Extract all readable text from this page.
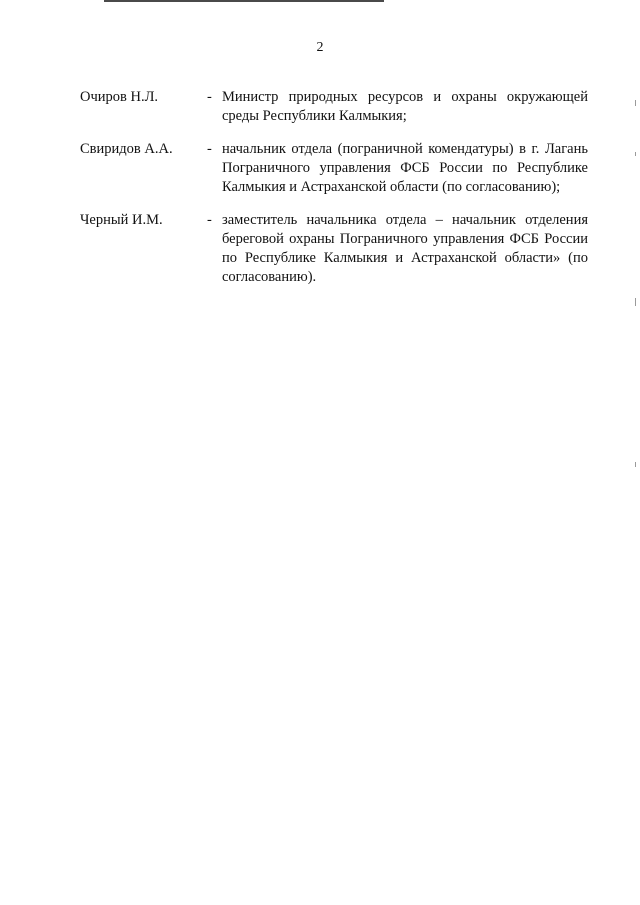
2
Очиров Н.Л.	- Министр природных ресурсов и охраны окружающей среды Республики Калмыкия;
Свиридов А.А.	- начальник отдела (пограничной комендатуры) в г. Лагань Пограничного управления ФСБ России по Республике Калмыкия и Астраханской области (по согласованию);
Черный И.М.	- заместитель начальника отдела – начальник отделения береговой охраны Пограничного управления ФСБ России по Республике Калмыкия и Астраханской области» (по согласованию).
